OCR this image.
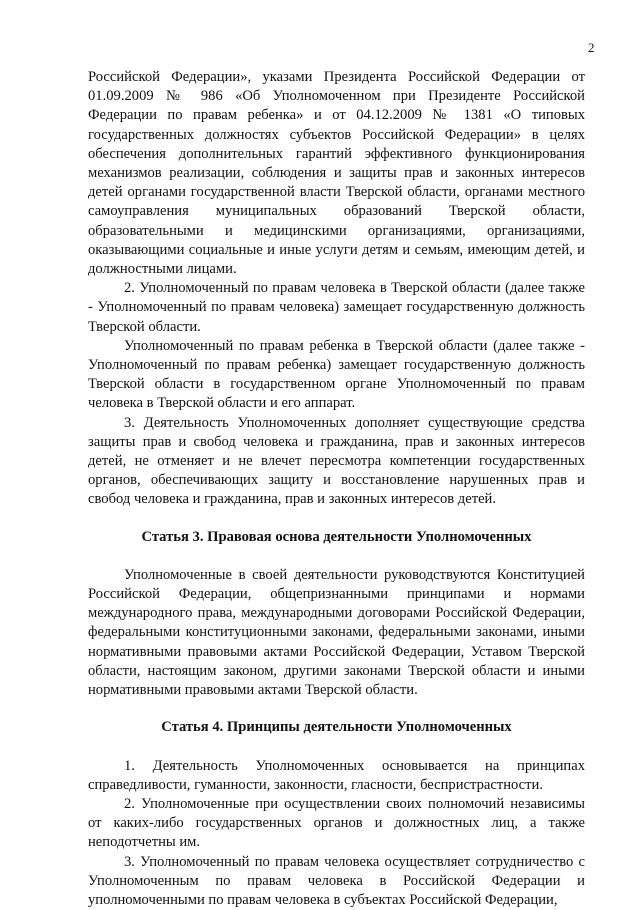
2

Российской Федерации», указами Президента Российской Федерации от 01.09.2009 № 986 «Об Уполномоченном при Президенте Российской Федерации по правам ребенка» и от 04.12.2009 № 1381 «О типовых государственных должностях субъектов Российской Федерации» в целях обеспечения дополнительных гарантий эффективного функционирования механизмов реализации, соблюдения и защиты прав и законных интересов детей органами государственной власти Тверской области, органами местного самоуправления муниципальных образований Тверской области, образовательными и медицинскими организациями, организациями, оказывающими социальные и иные услуги детям и семьям, имеющим детей, и должностными лицами.

2. Уполномоченный по правам человека в Тверской области (далее также - Уполномоченный по правам человека) замещает государственную должность Тверской области.

Уполномоченный по правам ребенка в Тверской области (далее также - Уполномоченный по правам ребенка) замещает государственную должность Тверской области в государственном органе Уполномоченный по правам человека в Тверской области и его аппарат.

3. Деятельность Уполномоченных дополняет существующие средства защиты прав и свобод человека и гражданина, прав и законных интересов детей, не отменяет и не влечет пересмотра компетенции государственных органов, обеспечивающих защиту и восстановление нарушенных прав и свобод человека и гражданина, прав и законных интересов детей.

Статья 3. Правовая основа деятельности Уполномоченных

Уполномоченные в своей деятельности руководствуются Конституцией Российской Федерации, общепризнанными принципами и нормами международного права, международными договорами Российской Федерации, федеральными конституционными законами, федеральными законами, иными нормативными правовыми актами Российской Федерации, Уставом Тверской области, настоящим законом, другими законами Тверской области и иными нормативными правовыми актами Тверской области.

Статья 4. Принципы деятельности Уполномоченных

1. Деятельность Уполномоченных основывается на принципах справедливости, гуманности, законности, гласности, беспристрастности.

2. Уполномоченные при осуществлении своих полномочий независимы от каких-либо государственных органов и должностных лиц, а также неподотчетны им.

3. Уполномоченный по правам человека осуществляет сотрудничество с Уполномоченным по правам человека в Российской Федерации и уполномоченными по правам человека в субъектах Российской Федерации,
